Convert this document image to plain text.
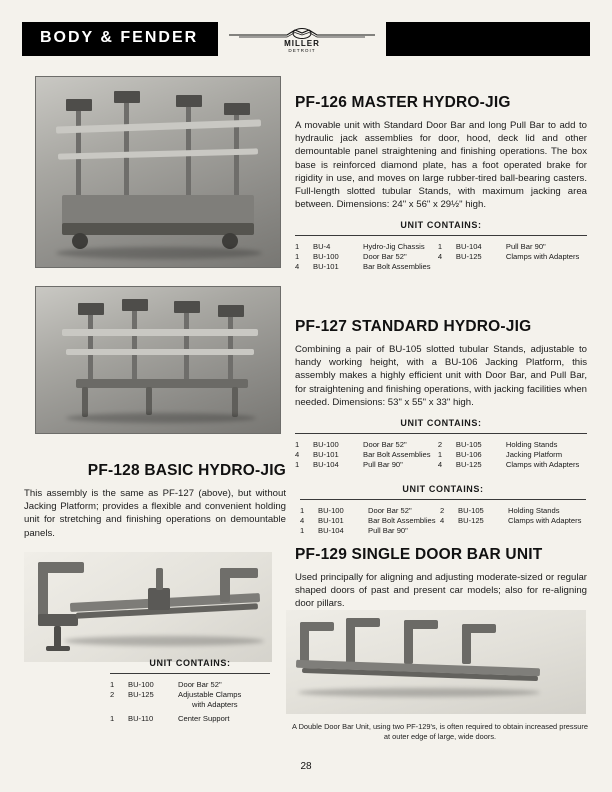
BODY & FENDER	MILLER
DETROIT
PF-126 MASTER HYDRO-JIG

A movable unit with Standard Door Bar and long Pull Bar to add to hydraulic jack assemblies for door, hood, deck lid and other demountable panel straightening and finishing operations. The box base is reinforced diamond plate, has a foot operated brake for rigidity in use, and moves on large rubber-tired ball-bearing casters. Full-length slotted tubular Stands, with maximum jacking area between. Dimensions: 24" x 56" x 29½" high.

UNIT CONTAINS:
1	BU-4	Hydro-Jig Chassis	1	BU-104	Pull Bar 90"
1	BU-100	Door Bar 52"	4	BU-125	Clamps with Adapters
4	BU-101	Bar Bolt Assemblies			
PF-127 STANDARD HYDRO-JIG

Combining a pair of BU-105 slotted tubular Stands, adjustable to handy working height, with a BU-106 Jacking Platform, this assembly makes a highly efficient unit with Door Bar, and Pull Bar, for straightening and finishing operations, with jacking facilities when needed. Dimensions: 53" x 55" x 33" high.

UNIT CONTAINS:
1	BU-100	Door Bar 52"	2	BU-105	Holding Stands
4	BU-101	Bar Bolt Assemblies	1	BU-106	Jacking Platform
1	BU-104	Pull Bar 90"	4	BU-125	Clamps with Adapters
PF-128 BASIC HYDRO-JIG

This assembly is the same as PF-127 (above), but without Jacking Platform; provides a flexible and convenient holding unit for stretching and finishing operations on demountable panels.

UNIT CONTAINS:
1	BU-100	Door Bar 52"	2	BU-105	Holding Stands
4	BU-101	Bar Bolt Assemblies	4	BU-125	Clamps with Adapters
1	BU-104	Pull Bar 90"			
PF-129 SINGLE DOOR BAR UNIT

Used principally for aligning and adjusting moderate-sized or regular shaped doors of past and present car models; also for re-aligning door pillars.

UNIT CONTAINS:
1	BU-100	Door Bar 52"
2	BU-125	Adjustable Clamps
		with Adapters
1	BU-110	Center Support
A Double Door Bar Unit, using two PF-129's, is often required to obtain increased pressure at outer edge of large, wide doors.
28
